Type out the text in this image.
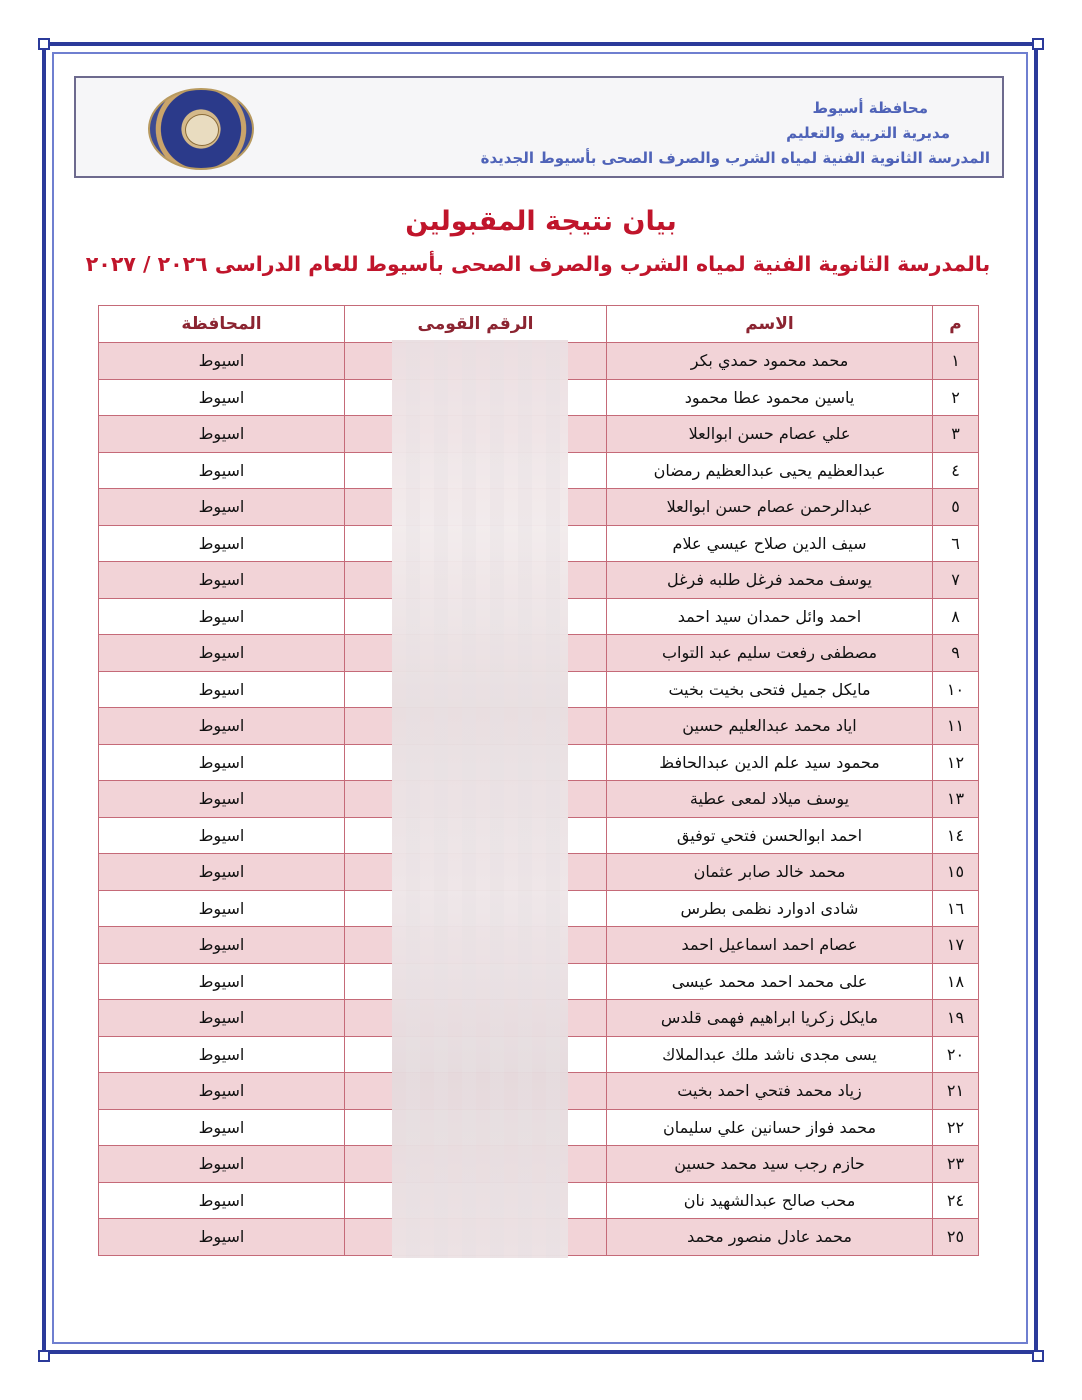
محافظة أسيوط
مديرية التربية والتعليم
المدرسة الثانوية الفنية لمياه الشرب والصرف الصحى بأسيوط الجديدة
بيان نتيجة المقبولين
بالمدرسة الثانوية الفنية لمياه الشرب والصرف الصحى بأسيوط للعام الدراسى ٢٠٢٦ / ٢٠٢٧
م	الاسم	الرقم القومى	المحافظة
١	محمد محمود حمدي بكر		اسيوط
٢	ياسين محمود عطا محمود		اسيوط
٣	علي عصام حسن ابوالعلا		اسيوط
٤	عبدالعظيم يحيى عبدالعظيم رمضان		اسيوط
٥	عبدالرحمن عصام حسن ابوالعلا		اسيوط
٦	سيف الدين صلاح عيسي علام		اسيوط
٧	يوسف محمد فرغل طلبه فرغل		اسيوط
٨	احمد وائل حمدان سيد احمد		اسيوط
٩	مصطفى رفعت سليم عبد التواب		اسيوط
١٠	مايكل جميل فتحى بخيت بخيت		اسيوط
١١	اياد محمد عبدالعليم حسين		اسيوط
١٢	محمود سيد علم الدين عبدالحافظ		اسيوط
١٣	يوسف ميلاد لمعى عطية		اسيوط
١٤	احمد ابوالحسن فتحي توفيق		اسيوط
١٥	محمد خالد صابر عثمان		اسيوط
١٦	شادى ادوارد نظمى بطرس		اسيوط
١٧	عصام احمد اسماعيل احمد		اسيوط
١٨	على محمد احمد محمد عيسى		اسيوط
١٩	مايكل زكريا ابراهيم فهمى قلدس		اسيوط
٢٠	يسى مجدى ناشد ملك عبدالملاك		اسيوط
٢١	زياد محمد فتحي احمد بخيت		اسيوط
٢٢	محمد فواز حسانين علي سليمان		اسيوط
٢٣	حازم رجب سيد محمد حسين		اسيوط
٢٤	محب صالح عبدالشهيد نان		اسيوط
٢٥	محمد عادل منصور محمد		اسيوط
